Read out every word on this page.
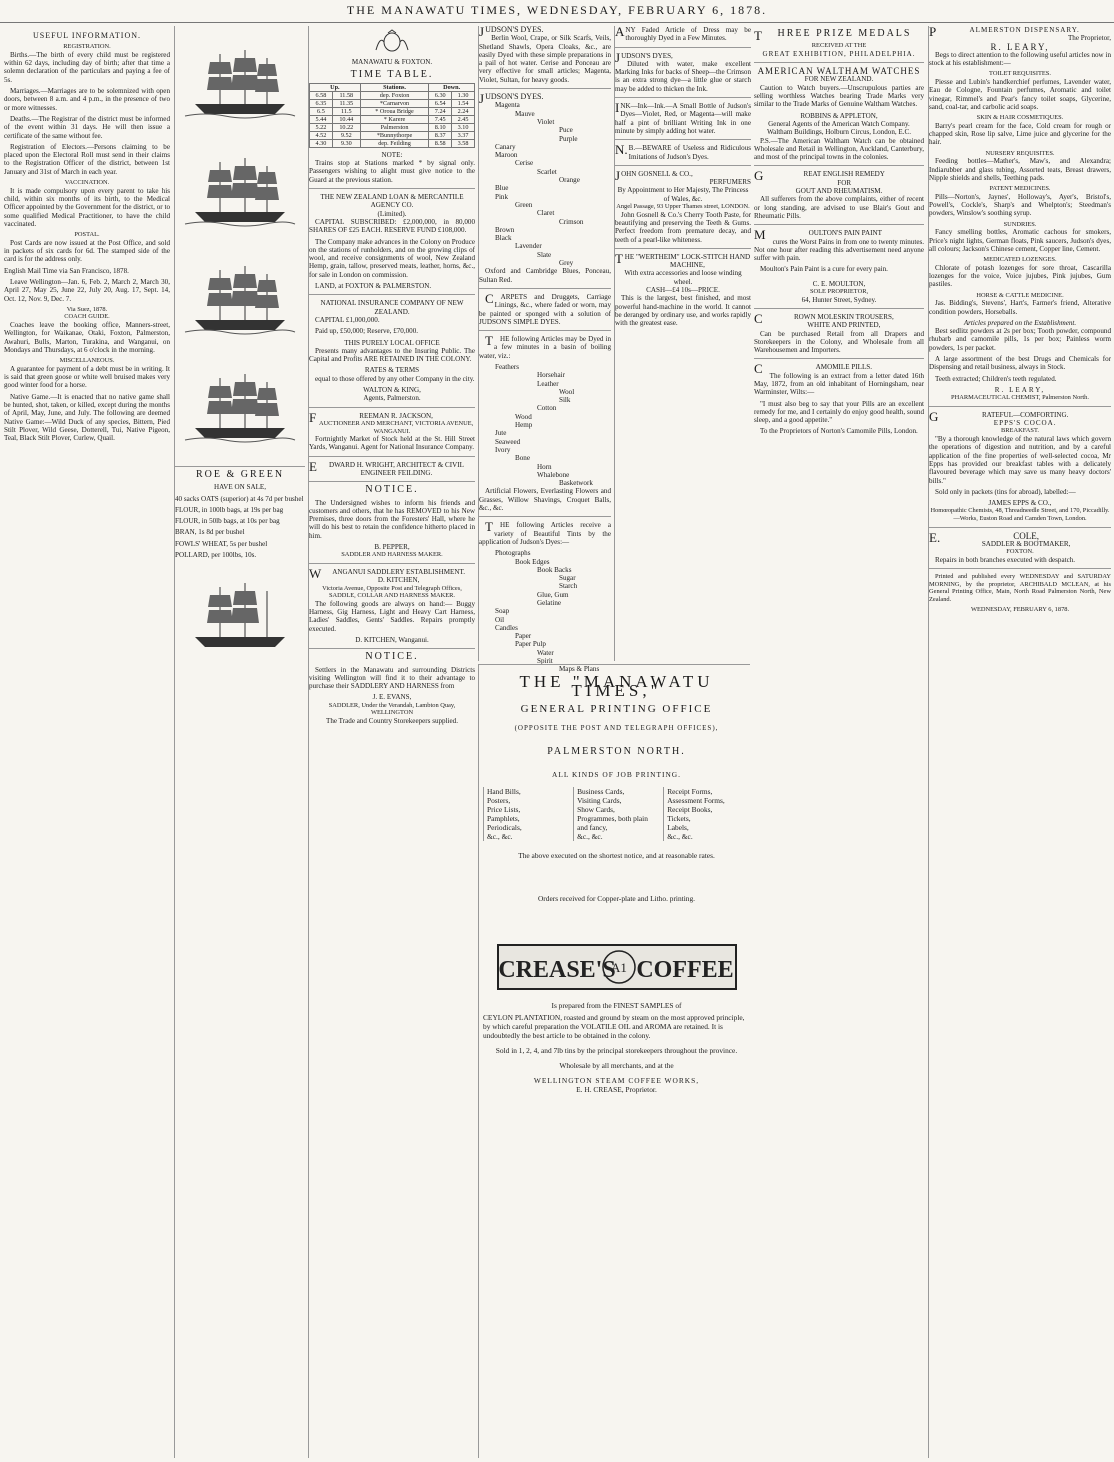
THE MANAWATU TIMES, WEDNESDAY, FEBRUARY 6, 1878.
USEFUL INFORMATION.
REGISTRATION.

Births.—The birth of every child must be registered within 62 days, including day of birth; after that time a solemn declaration of the particulars and paying a fee of 5s.

Marriages.—Marriages are to be solemnized with open doors, between 8 a.m. and 4 p.m., in the presence of two or more witnesses.

Deaths.—The Registrar of the district must be informed of the event within 31 days. He will then issue a certificate of the same without fee.

Registration of Electors.—Persons claiming to be placed upon the Electoral Roll must send in their claims to the Registration Officer of the district, between 1st January and 31st of March in each year.

VACCINATION.

It is made compulsory upon every parent to take his child, within six months of its birth, to the Medical Officer appointed by the Government for the district, or to some qualified Medical Practitioner, to have the child vaccinated.

POSTAL.

Post Cards are now issued at the Post Office, and sold in packets of six cards for 6d. The stamped side of the card is for the address only.

English Mail Time via San Francisco, 1878.

Leave Wellington—Jan. 6, Feb. 2, March 2, March 30, April 27, May 25, June 22, July 20, Aug. 17, Sept. 14, Oct. 12, Nov. 9, Dec. 7.

Via Suez, 1878.
COACH GUIDE.

Coaches leave the booking office, Manners-street, Wellington, for Waikanae, Otaki, Foxton, Palmerston, Awahuri, Bulls, Marton, Turakina, and Wanganui, on Mondays and Thursdays, at 6 o'clock in the morning.

MISCELLANEOUS.

A guarantee for payment of a debt must be in writing. It is said that green goose or white well bruised makes very good winter food for a horse.

Native Game.—It is enacted that no native game shall be hunted, shot, taken, or killed, except during the months of April, May, June, and July. The following are deemed Native Game:—Wild Duck of any species, Bittern, Pied Stilt Plover, Wild Geese, Dotterell, Tui, Native Pigeon, Teal, Black Stilt Plover, Curlew, Quail.

ROE & GREEN
HAVE ON SALE,
40 sacks OATS (superior) at 4s 7d per bushel
FLOUR, in 100lb bags, at 19s per bag
FLOUR, in 50lb bags, at 10s per bag
BRAN, 1s 8d per bushel
FOWLS' WHEAT, 5s per bushel
POLLARD, per 100lbs, 10s.
MANAWATU & FOXTON.
TIME TABLE.
Up.		Stations.	Down.	
6.58	11.58	dep. Foxton	6.30	1.30
6.35	11.35	*Carnarvon	6.54	1.54
6.5	11.5	* Oroua Bridge	7.24	2.24
5.44	10.44	* Karere	7.45	2.45
5.22	10.22	Palmerston	8.10	3.10
4.52	9.52	*Bunnythorpe	8.37	3.37
4.30	9.30	dep. Feilding	8.58	3.58
NOTE:

Trains stop at Stations marked * by signal only. Passengers wishing to alight must give notice to the Guard at the previous station.

THE NEW ZEALAND LOAN & MERCANTILE AGENCY CO.
(Limited).

CAPITAL SUBSCRIBED: £2,000,000, in 80,000 SHARES OF £25 EACH. RESERVE FUND £108,000.

The Company make advances in the Colony on Produce on the stations of runholders, and on the growing clips of wool, and receive consignments of wool, New Zealand Hemp, grain, tallow, preserved meats, leather, horns, &c., for sale in London on commission.

LAND, at FOXTON & PALMERSTON.

NATIONAL INSURANCE COMPANY OF NEW ZEALAND.

CAPITAL £1,000,000.

Paid up, £50,000; Reserve, £70,000.

THIS PURELY LOCAL OFFICE

Presents many advantages to the Insuring Public. The Capital and Profits ARE RETAINED IN THE COLONY.

RATES & TERMS

equal to those offered by any other Company in the city.

WALTON & KING,
Agents, Palmerston.
FREEMAN R. JACKSON,
AUCTIONEER AND MERCHANT, VICTORIA AVENUE, WANGANUI.

Fortnightly Market of Stock held at the St. Hill Street Yards, Wanganui. Agent for National Insurance Company.

EDWARD H. WRIGHT, ARCHITECT & CIVIL ENGINEER FEILDING.
NOTICE.

The Undersigned wishes to inform his friends and customers and others, that he has REMOVED to his New Premises, three doors from the Foresters' Hall, where he will do his best to retain the confidence hitherto placed in him.

B. PEPPER,
SADDLER AND HARNESS MAKER.
WANGANUI SADDLERY ESTABLISHMENT.
D. KITCHEN,
Victoria Avenue, Opposite Post and Telegraph Offices, SADDLE, COLLAR AND HARNESS MAKER.

The following goods are always on hand:— Buggy Harness, Gig Harness, Light and Heavy Cart Harness, Ladies' Saddles, Gents' Saddles. Repairs promptly executed.

D. KITCHEN, Wanganui.
NOTICE.

Settlers in the Manawatu and surrounding Districts visiting Wellington will find it to their advantage to purchase their SADDLERY AND HARNESS from

J. E. EVANS,
SADDLER, Under the Verandah, Lambton Quay, WELLINGTON
The Trade and Country Storekeepers supplied.
JUDSON'S DYES.

Berlin Wool, Crape, or Silk Scarfs, Veils, Shetland Shawls, Opera Cloaks, &c., are easily Dyed with these simple preparations in a pail of hot water. Cerise and Ponceau are very effective for small articles; Magenta, Violet, Sultan, for heavy goods.

JUDSON'S DYES.
Magenta
Mauve
Violet
Puce
Purple
Canary
Maroon
Cerise
Scarlet
Orange
Blue
Pink
Green
Claret
Crimson
Brown
Black
Lavender
Slate
Grey

Oxford and Cambridge Blues, Ponceau, Sultan Red.

CARPETS and Druggets, Carriage Linings, &c., where faded or worn, may be painted or sponged with a solution of JUDSON'S SIMPLE DYES.

THE following Articles may be Dyed in a few minutes in a basin of boiling water, viz.:

Feathers
Horsehair
Leather
Wool
Silk
Cotton
Wood
Hemp
Jute
Seaweed
Ivory
Bone
Horn
Whalebone
Basketwork

Artificial Flowers, Everlasting Flowers and Grasses, Willow Shavings, Croquet Balls, &c., &c.

THE following Articles receive a variety of Beautiful Tints by the application of Judson's Dyes:—

Photographs
Book Edges
Book Backs
Sugar
Starch
Glue, Gum
Gelatine
Soap
Oil
Candles
Paper
Paper Pulp
Water
Spirit
Maps & Plans

ANY Faded Article of Dress may be thoroughly Dyed in a Few Minutes.

JUDSON'S DYES,

Diluted with water, make excellent Marking Inks for backs of Sheep—the Crimson is an extra strong dye—a little glue or starch may be added to thicken the Ink.

INK—Ink—Ink.—A Small Bottle of Judson's Dyes—Violet, Red, or Magenta—will make half a pint of brilliant Writing Ink in one minute by simply adding hot water.

N.B.—BEWARE of Useless and Ridiculous Imitations of Judson's Dyes.

JOHN GOSNELL & CO.,
PERFUMERS
By Appointment to Her Majesty, The Princess of Wales, &c.
Angel Passage, 93 Upper Thames street, LONDON.

John Gosnell & Co.'s Cherry Tooth Paste, for beautifying and preserving the Teeth & Gums. Perfect freedom from premature decay, and teeth of a pearl-like whiteness.

THE "WERTHEIM" LOCK-STITCH HAND MACHINE,
With extra accessories and loose winding wheel.
CASH—£4 10s—PRICE.

This is the largest, best finished, and most powerful hand-machine in the world. It cannot be deranged by ordinary use, and works rapidly with the greatest ease.

THE "MANAWATU TIMES,"
GENERAL PRINTING OFFICE
(OPPOSITE THE POST AND TELEGRAPH OFFICES),
PALMERSTON NORTH.
ALL KINDS OF JOB PRINTING.
Hand Bills,
Posters,
Price Lists,
Pamphlets,
Periodicals,
&c., &c.
Business Cards,
Visiting Cards,
Show Cards,
Programmes, both plain
and fancy,
&c., &c.
Receipt Forms,
Assessment Forms,
Receipt Books,
Tickets,
Labels,
&c., &c.
The above executed on the shortest notice, and at reasonable rates.
Orders received for Copper-plate and Litho. printing.
CREASE'S
A1 COFFEE
Is prepared from the FINEST SAMPLES of

CEYLON PLANTATION, roasted and ground by steam on the most approved principle, by which careful preparation the VOLATILE OIL and AROMA are retained. It is undoubtedly the best article to be obtained in the colony.

Sold in 1, 2, 4, and 7lb tins by the principal storekeepers throughout the province.
Wholesale by all merchants, and at the
WELLINGTON STEAM COFFEE WORKS,
E. H. CREASE, Proprietor.
THREE PRIZE MEDALS
RECEIVED AT THE
GREAT EXHIBITION, PHILADELPHIA.
AMERICAN WALTHAM WATCHES
FOR NEW ZEALAND.

Caution to Watch buyers.—Unscrupulous parties are selling worthless Watches bearing Trade Marks very similar to the Trade Marks of Genuine Waltham Watches.

ROBBINS & APPLETON,
General Agents of the American Watch Company.
Waltham Buildings, Holburn Circus, London, E.C.

P.S.—The American Waltham Watch can be obtained Wholesale and Retail in Wellington, Auckland, Canterbury, and most of the principal towns in the colonies.

GREAT ENGLISH REMEDY
FOR
GOUT AND RHEUMATISM.

All sufferers from the above complaints, either of recent or long standing, are advised to use Blair's Gout and Rheumatic Pills.

MOULTON'S PAIN PAINT

cures the Worst Pains in from one to twenty minutes. Not one hour after reading this advertisement need anyone suffer with pain.

Moulton's Pain Paint is a cure for every pain.

C. E. MOULTON,
SOLE PROPRIETOR,
64, Hunter Street, Sydney.
CROWN MOLESKIN TROUSERS,
WHITE AND PRINTED,

Can be purchased Retail from all Drapers and Storekeepers in the Colony, and Wholesale from all Warehousemen and Importers.

CAMOMILE PILLS.

The following is an extract from a letter dated 16th May, 1872, from an old inhabitant of Horningsham, near Warminster, Wilts:—

"I must also beg to say that your Pills are an excellent remedy for me, and I certainly do enjoy good health, sound sleep, and a good appetite."

To the Proprietors of Norton's Camomile Pills, London.

PALMERSTON DISPENSARY.
The Proprietor,
R. LEARY,

Begs to direct attention to the following useful articles now in stock at his establishment:—

TOILET REQUISITES.

Piesse and Lubin's handkerchief perfumes, Lavender water, Eau de Cologne, Fountain perfumes, Aromatic and toilet vinegar, Rimmel's and Pear's fancy toilet soaps, Glycerine, sand, coal-tar, and carbolic acid soaps.

SKIN & HAIR COSMETIQUES.

Barry's pearl cream for the face, Cold cream for rough or chapped skin, Rose lip salve, Lime juice and glycerine for the hair.

NURSERY REQUISITES.

Feeding bottles—Mather's, Maw's, and Alexandra; Indiarubber and glass tubing, Assorted teats, Breast drawers, Nipple shields and shells, Teething pads.

PATENT MEDICINES.

Pills—Norton's, Jaynes', Holloway's, Ayer's, Bristol's, Powell's, Cockle's, Sharp's and Whelpton's; Steedman's powders, Winslow's soothing syrup.

SUNDRIES.

Fancy smelling bottles, Aromatic cachous for smokers, Price's night lights, German floats, Pink saucers, Judson's dyes, all colours; Jackson's Chinese cement, Copper line, Cement.

MEDICATED LOZENGES.

Chlorate of potash lozenges for sore throat, Cascarilla lozenges for the voice, Voice jujubes, Pink jujubes, Gum pastiles.

HORSE & CATTLE MEDICINE.

Jas. Bidding's, Stevens', Hart's, Farmer's friend, Alterative condition powders, Horseballs.

Articles prepared on the Establishment.

Best sedlitz powders at 2s per box; Tooth powder, compound rhubarb and camomile pills, 1s per box; Painless worm powders, 1s per packet.

A large assortment of the best Drugs and Chemicals for Dispensing and retail business, always in Stock.

Teeth extracted; Children's teeth regulated.

R. LEARY,
PHARMACEUTICAL CHEMIST, Palmerston North.
GRATEFUL—COMFORTING.
EPPS'S COCOA.
BREAKFAST.

"By a thorough knowledge of the natural laws which govern the operations of digestion and nutrition, and by a careful application of the fine properties of well-selected cocoa, Mr Epps has provided our breakfast tables with a delicately flavoured beverage which may save us many heavy doctors' bills."

Sold only in packets (tins for abroad), labelled:—

JAMES EPPS & CO.,
Homœopathic Chemists, 48, Threadneedle Street, and 170, Piccadilly.—Works, Euston Road and Camden Town, London.
E.COLE,
SADDLER & BOOTMAKER,
FOXTON.

Repairs in both branches executed with despatch.

Printed and published every WEDNESDAY and SATURDAY MORNING, by the proprietor, ARCHIBALD MCLEAN, at his General Printing Office, Main, North Road Palmerston North, New Zealand.

WEDNESDAY, FEBRUARY 6, 1878.
